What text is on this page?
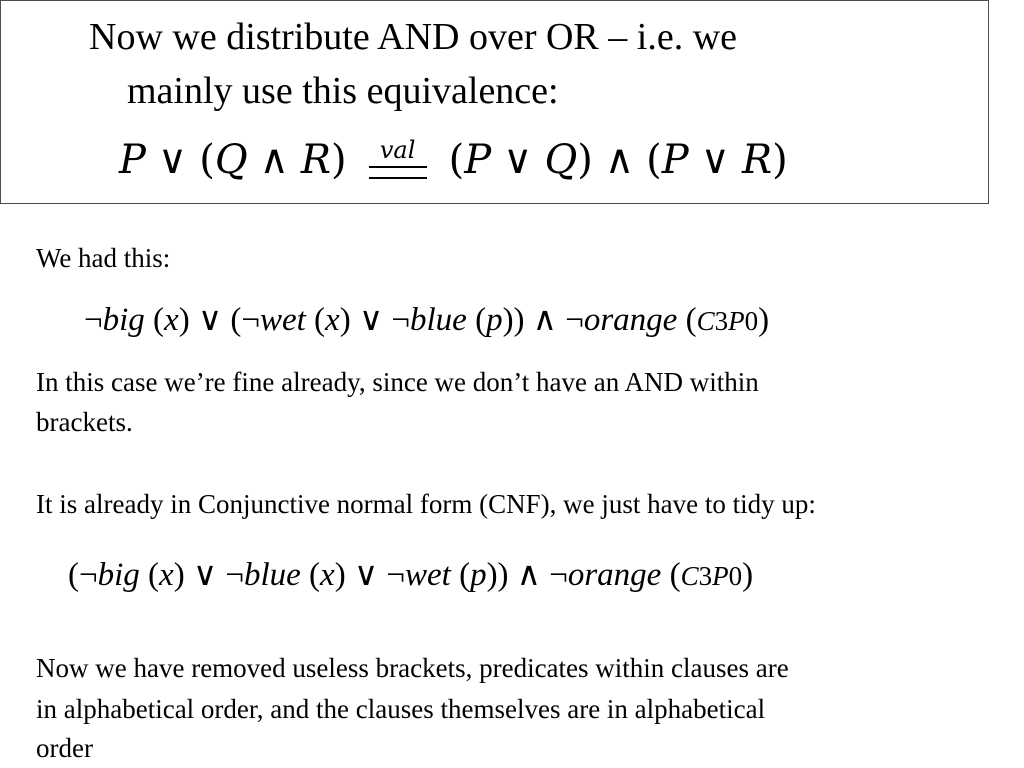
Now we distribute AND over OR – i.e. we
mainly use this equivalence:
P ∨ ( Q ∧ R ) val ( P ∨ Q ) ∧ ( P ∨ R )
We had this:
¬big (x) ∨ (¬wet (x) ∨ ¬blue (p)) ∧ ¬orange (C3P0)
In this case we’re fine already, since we don’t have an AND within
brackets.
It is already in Conjunctive normal form (CNF), we just have to tidy up:
(¬big (x) ∨ ¬blue (x) ∨ ¬wet (p)) ∧ ¬orange (C3P0)
Now we have removed useless brackets, predicates within clauses are
in alphabetical order, and the clauses themselves are in alphabetical
order
